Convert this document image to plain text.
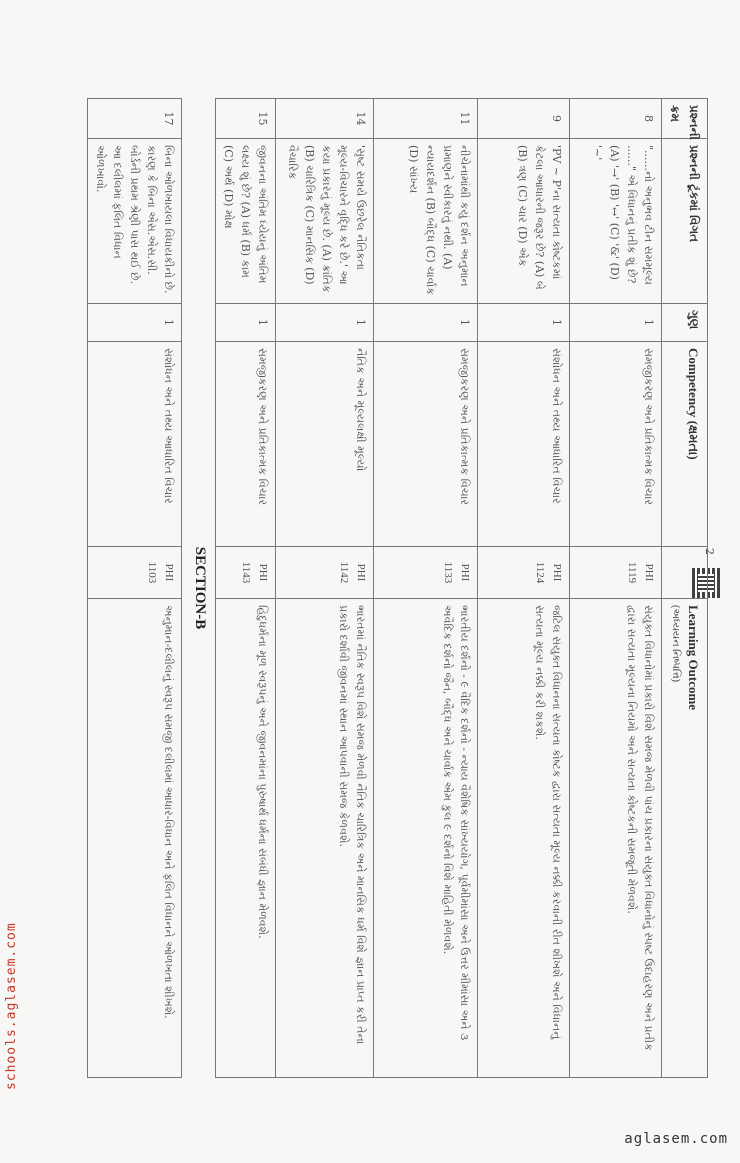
schools.aglasem.com
aglasem.com
2
પ્રશ્નની ક્રમ	પ્રશ્નની ટૂંકમાં વિગત	ગુણ	Competency (ક્ષમતા)		Learning Outcome
(અધ્યયન નિષ્પત્તિ)

8	"......નો અનુભવ ટીન સમમૂલ્ય ......" એ વિધાનનું પ્રતીક શું છે? (A) '→' (B) '↔' (C) '&' (D) '~'	1	સમજીકરણ અને પ્રતિકાત્મક વિચાર	PHI 1119	સંયુક્ત વિધાનોમાં પ્રકારો વિશે સમજ મેળવી પાંચ પ્રકારના સંયુક્ત વિધાનોનું સ્પષ્ટ ઉદાહરણ અને પ્રતીક દ્વારા સત્યતા મૂલ્યના નિયમો અને સત્યતા કોષ્ટકની સમજૂતી મેળવશે.
9	'PV ~ P'ના સત્યતા કોષ્ટકમાં કેટલા આધારની જરૂર છે? (A) બે (B) ત્રણ (C) ચાર (D) એક	1	સંશોધન અને તથ્ય આધારિત વિચાર	PHI 1124	જટિલ સંયુક્ત વિધાનના સત્યતા કોષ્ટક દ્વારા સત્યતા મૂલ્ય નક્કી કરવાની રીત શીખશે અને વિધાનનું સત્યતા મૂલ્ય નક્કી કરી શકશે.
11	નીચેનામાંથી કયું દર્શન અનુમાન પ્રમાણને સ્વીકારતું નથી. (A) ન્યાયદર્શન (B) બૌદ્ધ (C) ચાર્વાક (D) સાંખ્ય	1	સમજીકરણ અને પ્રતિકાત્મક વિચાર	PHI 1133	ભારતીય દર્શનો - ૯ વૈદિક દર્શનો - ન્યાય વૈશેષિક સાંખ્યયોગ, પૂર્વમીમાંસા અને ઉત્તર મીમાંસા અને ૩ અવૈદિક દર્શનો જૈન, બૌદ્ધ અને ચાર્વાક એમ કુલ ૯ દર્શનો વિશે માહિતી મેળવશે.
14	'સૃષ્ટ સમયે ઉછરેલ નૈતિકતા મૂલ્ય-વિચારને વૃદ્ધિ કરે છે.' આ કયા પ્રકારનું મૂલ્ય છે. (A) ક્રાંતિક (B) ચારિત્રિક (C) માનસિક (D) વૈચારિક	1	નૈતિક અને મૂલ્યલક્ષી મૂલ્યો	PHI 1142	ભારતમાં નૈતિક સ્વરૂપ વિશે સમજ મેળવી નૈતિક ચારિત્રિક અને માનસિક ધર્મ વિશે જ્ઞાન પ્રાપ્ત કરી તેના પ્રકારો દર્શાવી જીવનમાં સ્થાન આપવાની સમજ કેળવશે.
15	જીવનના અંતિમ ધ્યેયનું અંતિમ લક્ષ્ય શું છે? (A) ધર્મ (B) કામ (C) અર્થ (D) મોક્ષ	1	સમજીકરણ અને પ્રતિકાત્મક વિચાર	PHI 1143	હિંદુધર્મના મૂળ સ્વરૂપનું અને જીવનમાંના પુરુષાર્થ ધર્મના સંબંધી જ્ઞાન મેળવશે.
SECTION-B
17	બિના ઓળખાયલા વિધાયકીનો છે. કારણ કે બિના એસ.એસ.સી. બોર્ડની પ્રથમ શ્રેણી પાસ થઈ છે. આ દલીલમાં ફલિત વિધાન ઓળખાવો.	1	સંશોધન અને તથ્ય આધારિત વિચાર	PHI 1103	અનુમાન-દલીલનું સ્વરૂપ સમજી દલીલમાં આધાર-વિધાન અને ફલિત વિધાનને ઓળખતા શીખશે.
